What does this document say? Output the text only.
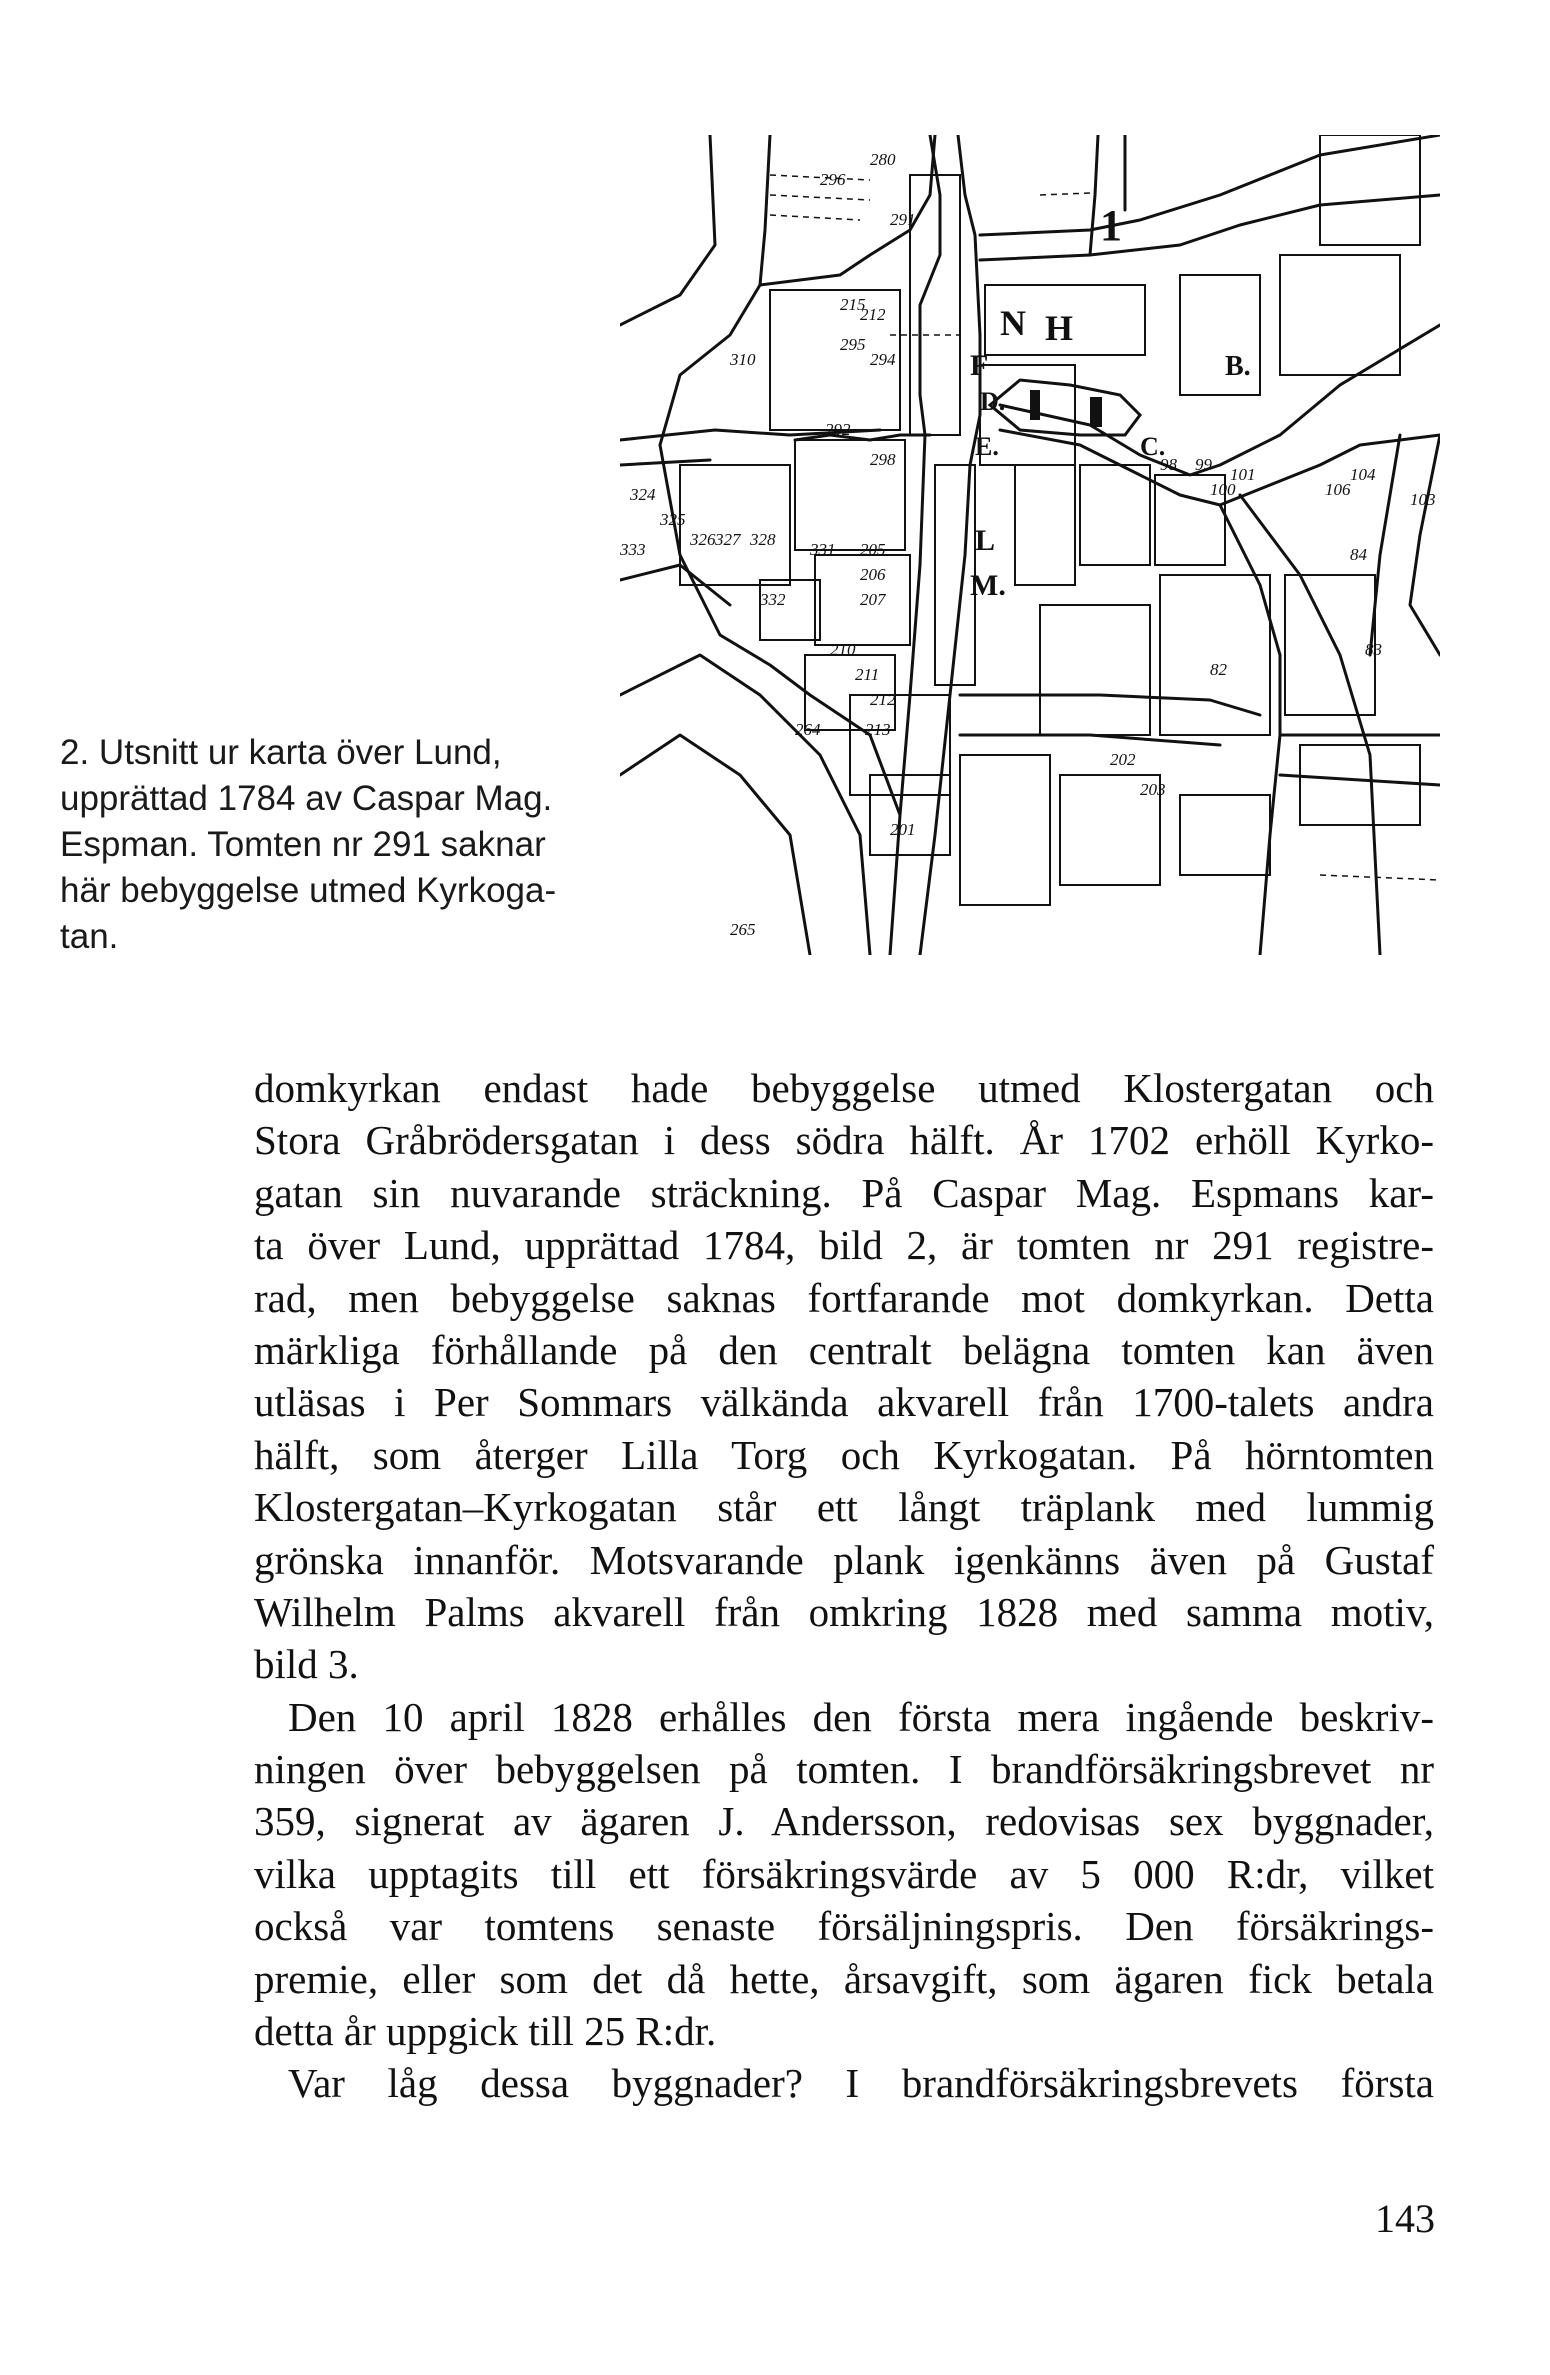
2. Utsnitt ur karta över Lund,
upprättad 1784 av Caspar Mag.
Espman. Tomten nr 291 saknar
här bebyggelse utmed Kyrkoga-
tan.
1
N H
B.
F
D.
E.	C.
L
M.
310
296
280
291
292
294
295
298
212
215
324
325
326 327 328
331
332
333
83
84
82
98 99
100
101
103
104
106
201
202
203
205
206
207
210
211
212
213
264
265
domkyrkan endast hade bebyggelse utmed Klostergatan och
Stora Gråbrödersgatan i dess södra hälft. År 1702 erhöll Kyrko-
gatan sin nuvarande sträckning. På Caspar Mag. Espmans kar-
ta över Lund, upprättad 1784, bild 2, är tomten nr 291 registre-
rad, men bebyggelse saknas fortfarande mot domkyrkan. Detta
märkliga förhållande på den centralt belägna tomten kan även
utläsas i Per Sommars välkända akvarell från 1700-talets andra
hälft, som återger Lilla Torg och Kyrkogatan. På hörntomten
Klostergatan–Kyrkogatan står ett långt träplank med lummig
grönska innanför. Motsvarande plank igenkänns även på Gustaf
Wilhelm Palms akvarell från omkring 1828 med samma motiv,
bild 3.
Den 10 april 1828 erhålles den första mera ingående beskriv-
ningen över bebyggelsen på tomten. I brandförsäkringsbrevet nr
359, signerat av ägaren J. Andersson, redovisas sex byggnader,
vilka upptagits till ett försäkringsvärde av 5 000 R:dr, vilket
också var tomtens senaste försäljningspris. Den försäkrings-
premie, eller som det då hette, årsavgift, som ägaren fick betala
detta år uppgick till 25 R:dr.
Var låg dessa byggnader? I brandförsäkringsbrevets första
143
